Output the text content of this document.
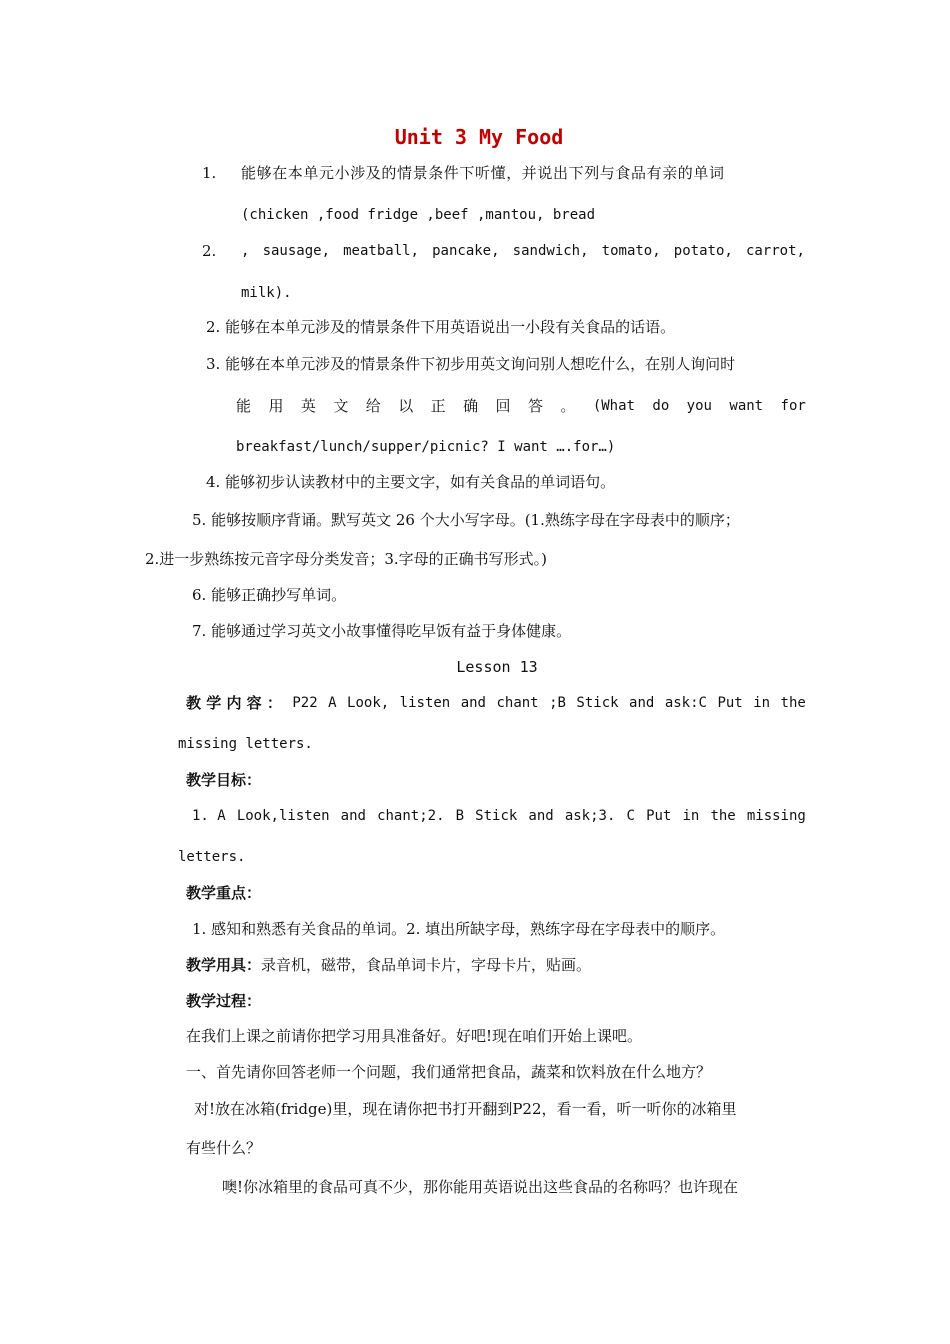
Unit 3 My Food
1. 能够在本单元小涉及的情景条件下听懂，并说出下列与食品有亲的单词
(chicken ,food fridge ,beef ,mantou, bread
2. , sausage, meatball, pancake, sandwich, tomato, potato, carrot,
milk).
2. 能够在本单元涉及的情景条件下用英语说出一小段有关食品的话语。
3. 能够在本单元涉及的情景条件下初步用英文询问别人想吃什么，在别人询问时
能 用 英 文 给 以 正 确 回 答 。 (What do you want for
breakfast/lunch/supper/picnic? I want ….for…)
4. 能够初步认读教材中的主要文字，如有关食品的单词语句。
5. 能够按顺序背诵。默写英文 26 个大小写字母。(1.熟练字母在字母表中的顺序；
2.进一步熟练按元音字母分类发音；3.字母的正确书写形式。)
6. 能够正确抄写单词。
7. 能够通过学习英文小故事懂得吃早饭有益于身体健康。
Lesson 13
教 学 内 容 ： P22 A Look, listen and chant ;B Stick and ask:C Put in the
missing letters.
教学目标：
1. A Look,listen and chant;2. B Stick and ask;3. C Put in the missing
letters.
教学重点：
1. 感知和熟悉有关食品的单词。2. 填出所缺字母，熟练字母在字母表中的顺序。
教学用具：录音机，磁带，食品单词卡片，字母卡片，贴画。
教学过程：
在我们上课之前请你把学习用具准备好。好吧!现在咱们开始上课吧。
一、首先请你回答老师一个问题，我们通常把食品，蔬菜和饮料放在什么地方？
对!放在冰箱(fridge)里，现在请你把书打开翻到P22，看一看，听一听你的冰箱里
有些什么？
噢!你冰箱里的食品可真不少，那你能用英语说出这些食品的名称吗？也许现在
